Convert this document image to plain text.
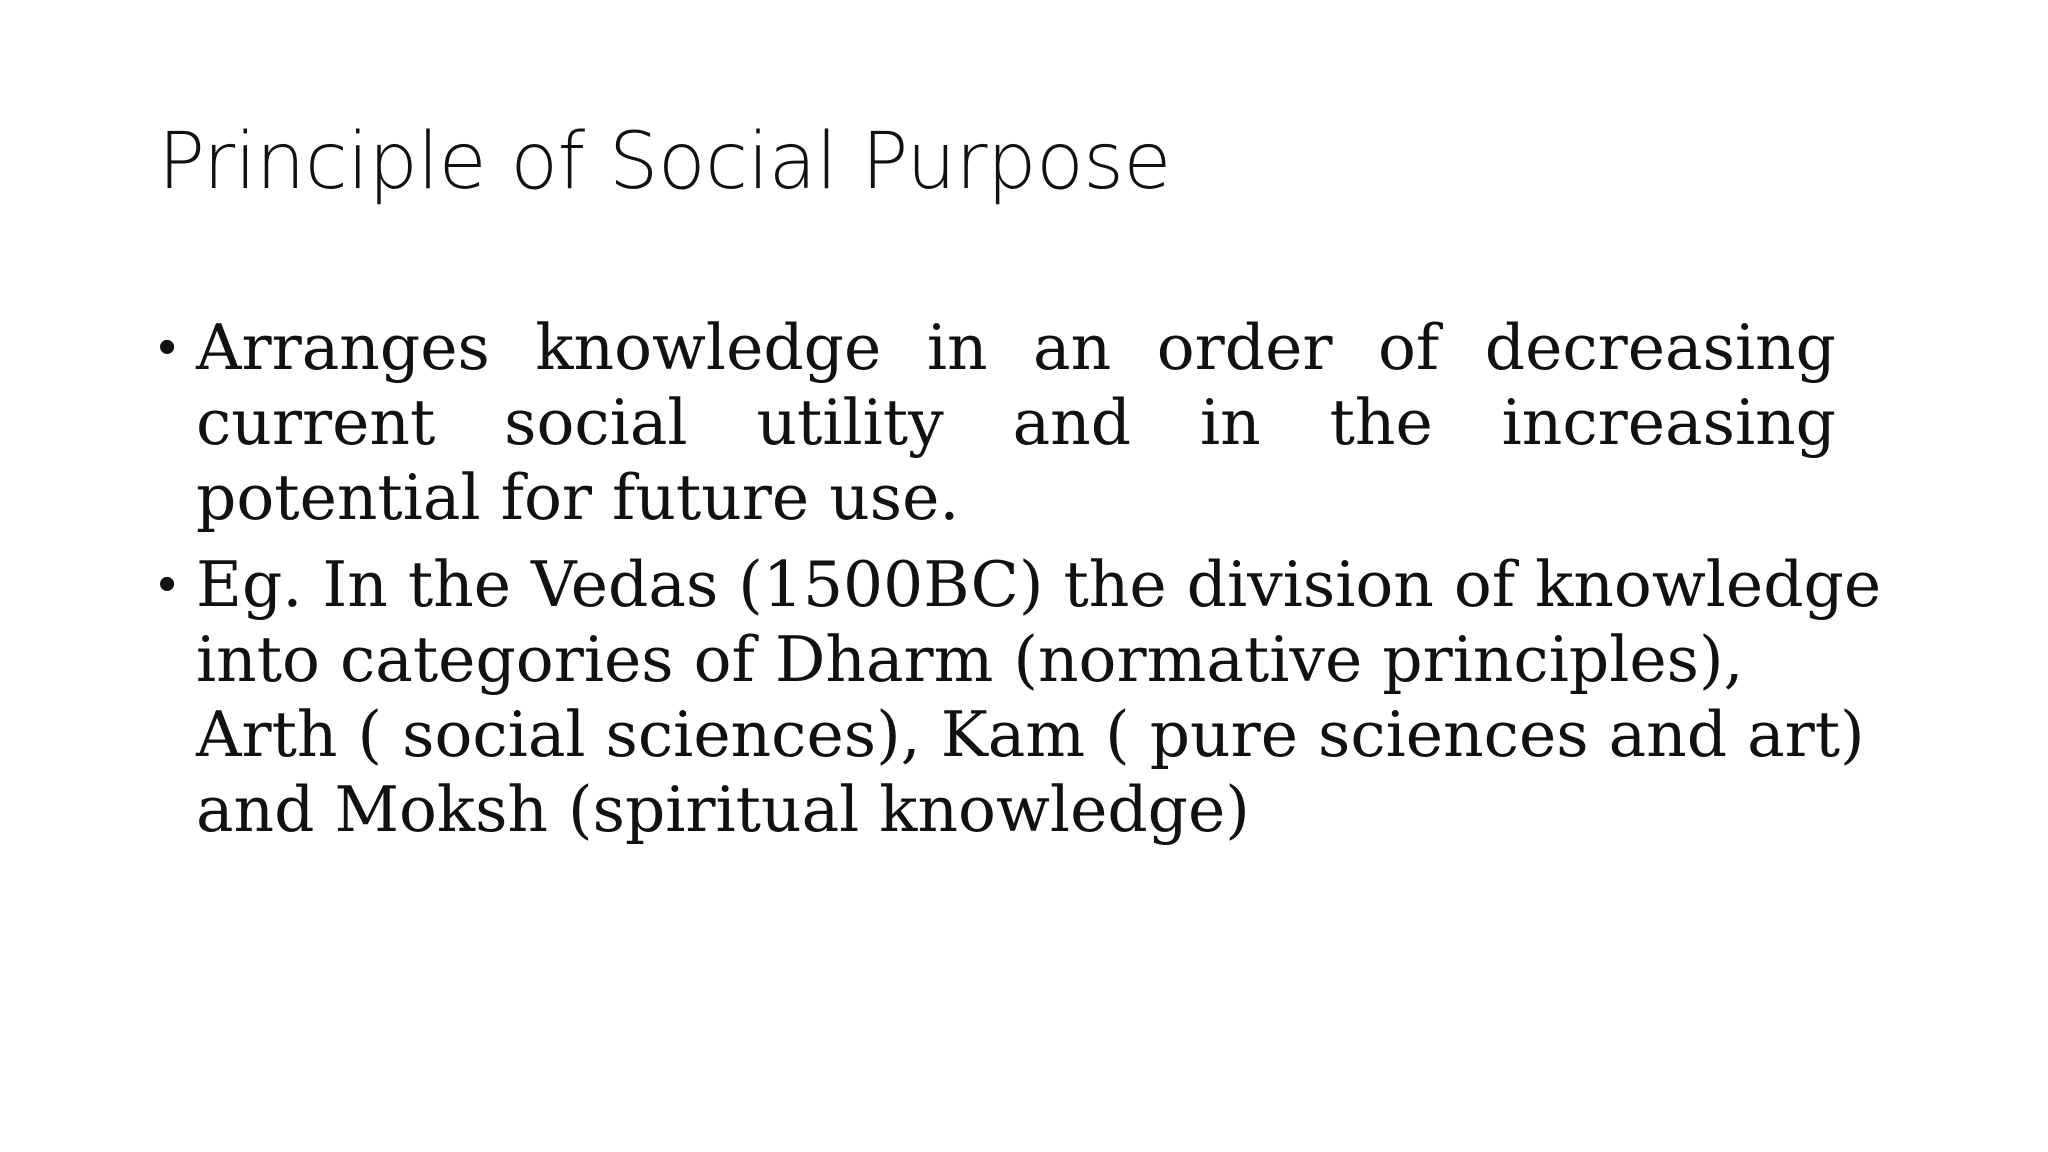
Principle of Social Purpose
• Arranges knowledge in an order of decreasing current social utility and in the increasing potential for future use.
• Eg. In the Vedas (1500BC) the division of knowledge into categories of Dharm (normative principles), Arth ( social sciences), Kam ( pure sciences and art) and Moksh (spiritual knowledge)
